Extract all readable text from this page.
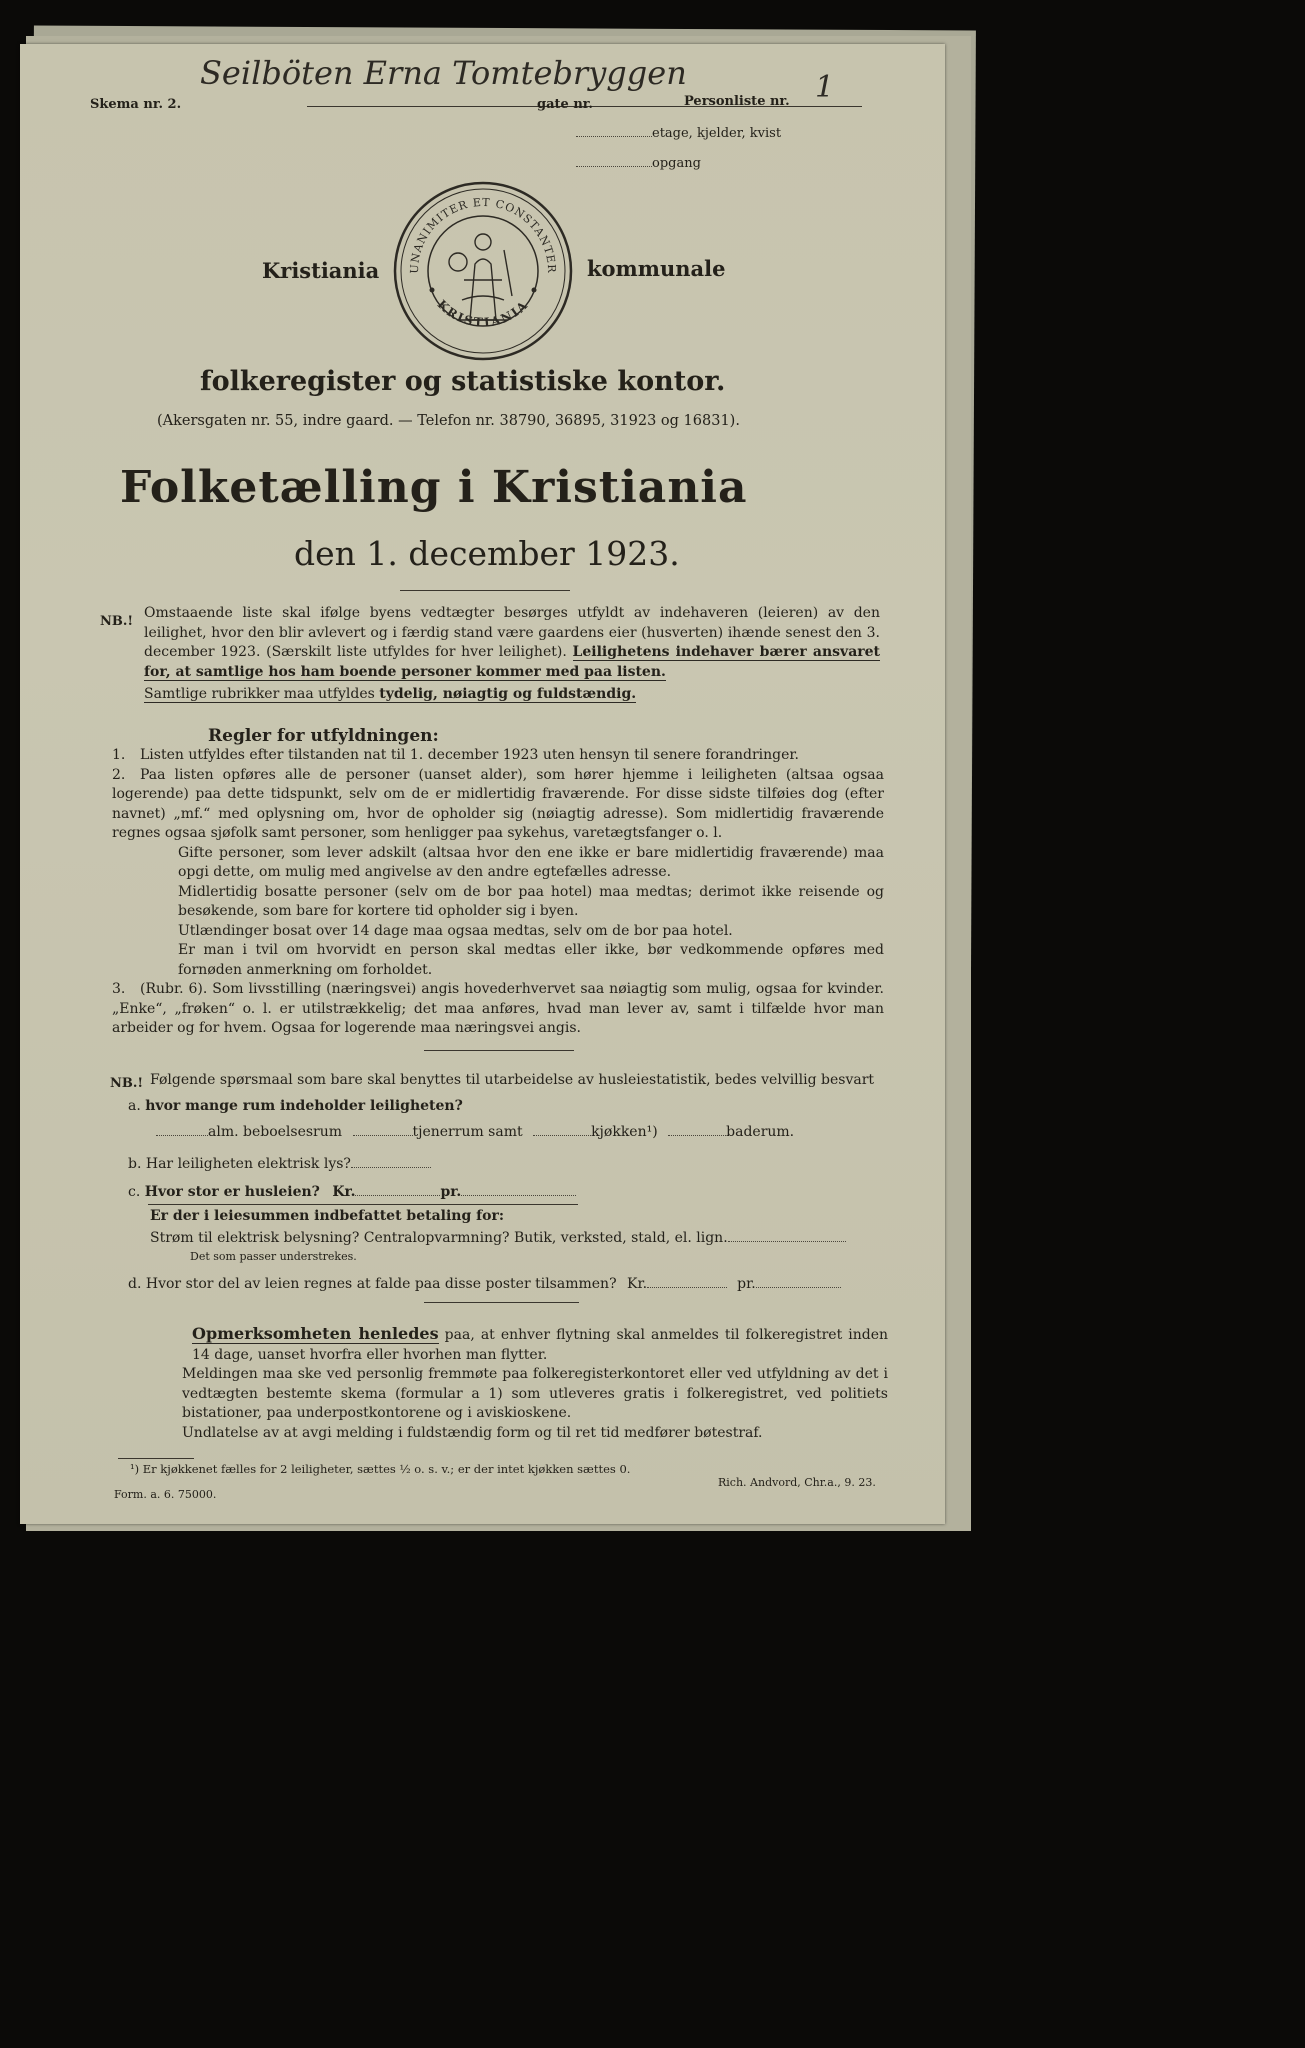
Seilböten Erna Tomtebryggen
Skema nr. 2.	gate nr.	Personliste nr. 1
etage, kjelder, kvist
opgang
Kristiania	kommunale
UNANIMITER ET CONSTANTER
KRISTIANIA
folkeregister og statistiske kontor.
(Akersgaten nr. 55, indre gaard. — Telefon nr. 38790, 36895, 31923 og 16831).
Folketælling i Kristiania
den 1. december 1923.
NB.!

Omstaaende liste skal ifølge byens vedtægter besørges utfyldt av indehaveren (leieren) av den leilighet, hvor den blir avlevert og i færdig stand være gaardens eier (husverten) ihænde senest den 3. december 1923. (Særskilt liste utfyldes for hver leilighet). Leilighetens indehaver bærer ansvaret for, at samtlige hos ham boende personer kommer med paa listen.

Samtlige rubrikker maa utfyldes tydelig, nøiagtig og fuldstændig.

Regler for utfyldningen:

1. Listen utfyldes efter tilstanden nat til 1. december 1923 uten hensyn til senere forandringer.

2. Paa listen opføres alle de personer (uanset alder), som hører hjemme i leiligheten (altsaa ogsaa logerende) paa dette tidspunkt, selv om de er midlertidig fraværende. For disse sidste tilføies dog (efter navnet) „mf.“ med oplysning om, hvor de opholder sig (nøiagtig adresse). Som midlertidig fraværende regnes ogsaa sjøfolk samt personer, som henligger paa sykehus, varetægtsfanger o. l.

Gifte personer, som lever adskilt (altsaa hvor den ene ikke er bare midlertidig fraværende) maa opgi dette, om mulig med angivelse av den andre egtefælles adresse.

Midlertidig bosatte personer (selv om de bor paa hotel) maa medtas; derimot ikke reisende og besøkende, som bare for kortere tid opholder sig i byen.

Utlændinger bosat over 14 dage maa ogsaa medtas, selv om de bor paa hotel.

Er man i tvil om hvorvidt en person skal medtas eller ikke, bør vedkommende opføres med fornøden anmerkning om forholdet.

3. (Rubr. 6). Som livsstilling (næringsvei) angis hovederhvervet saa nøiagtig som mulig, ogsaa for kvinder. „Enke“, „frøken“ o. l. er utilstrækkelig; det maa anføres, hvad man lever av, samt i tilfælde hvor man arbeider og for hvem. Ogsaa for logerende maa næringsvei angis.

NB.! Følgende spørsmaal som bare skal benyttes til utarbeidelse av husleiestatistik, bedes velvillig besvart
a. hvor mange rum indeholder leiligheten?
alm. beboelsesrum	tjenerrum samt	kjøkken¹)	baderum.
b. Har leiligheten elektrisk lys?
c. Hvor stor er husleien? Kr.	pr.
Er der i leiesummen indbefattet betaling for:
Strøm til elektrisk belysning? Centralopvarmning? Butik, verksted, stald, el. lign.
Det som passer understrekes.
d. Hvor stor del av leien regnes at falde paa disse poster tilsammen? Kr.	pr.

Opmerksomheten henledes paa, at enhver flytning skal anmeldes til folkeregistret inden 14 dage, uanset hvorfra eller hvorhen man flytter.

Meldingen maa ske ved personlig fremmøte paa folkeregisterkontoret eller ved utfyldning av det i vedtægten bestemte skema (formular a 1) som utleveres gratis i folkeregistret, ved politiets bistationer, paa underpostkontorene og i aviskioskene.

Undlatelse av at avgi melding i fuldstændig form og til ret tid medfører bøtestraf.

¹) Er kjøkkenet fælles for 2 leiligheter, sættes ½ o. s. v.; er der intet kjøkken sættes 0.
Form. a. 6. 75000.
Rich. Andvord, Chr.a., 9. 23.
